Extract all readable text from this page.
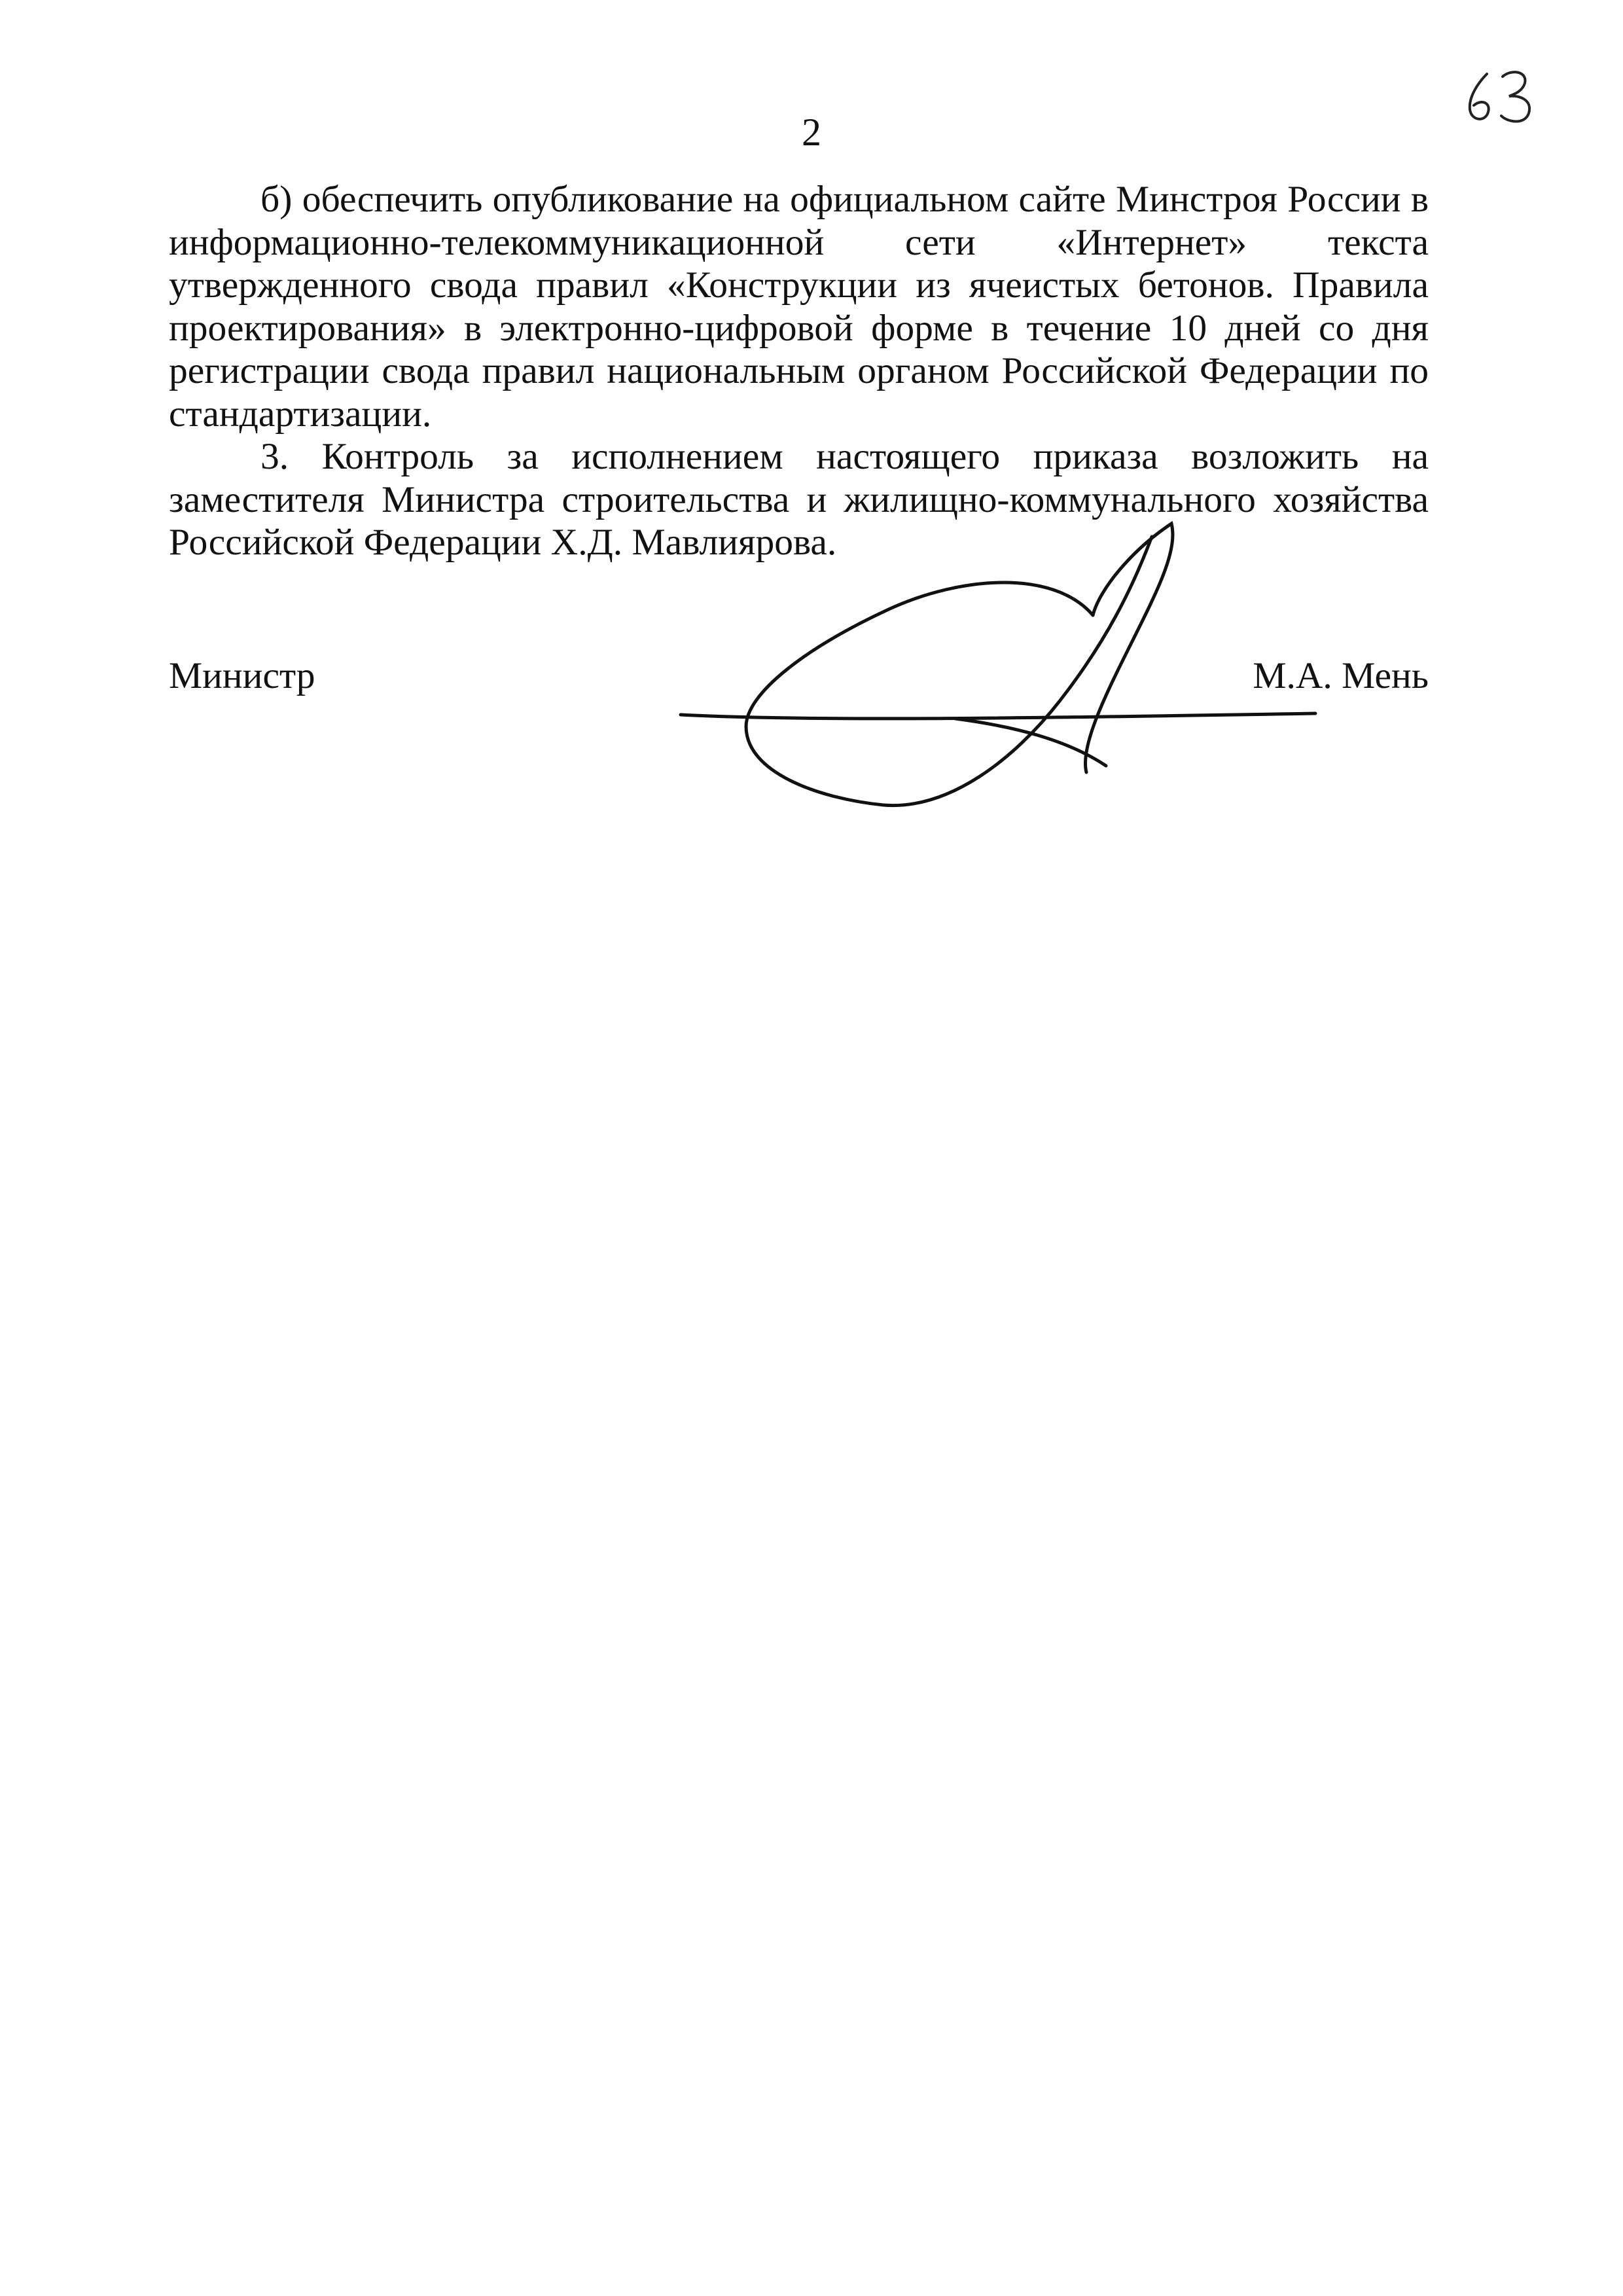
2

б) обеспечить опубликование на официальном сайте Минстроя России в информационно-телекоммуникационной сети «Интернет» текста утвержденного свода правил «Конструкции из ячеистых бетонов. Правила проектирования» в электронно-цифровой форме в течение 10 дней со дня регистрации свода правил национальным органом Российской Федерации по стандартизации.

3. Контроль за исполнением настоящего приказа возложить на заместителя Министра строительства и жилищно-коммунального хозяйства Российской Федерации Х.Д. Мавлиярова.

Министр	М.А. Мень
